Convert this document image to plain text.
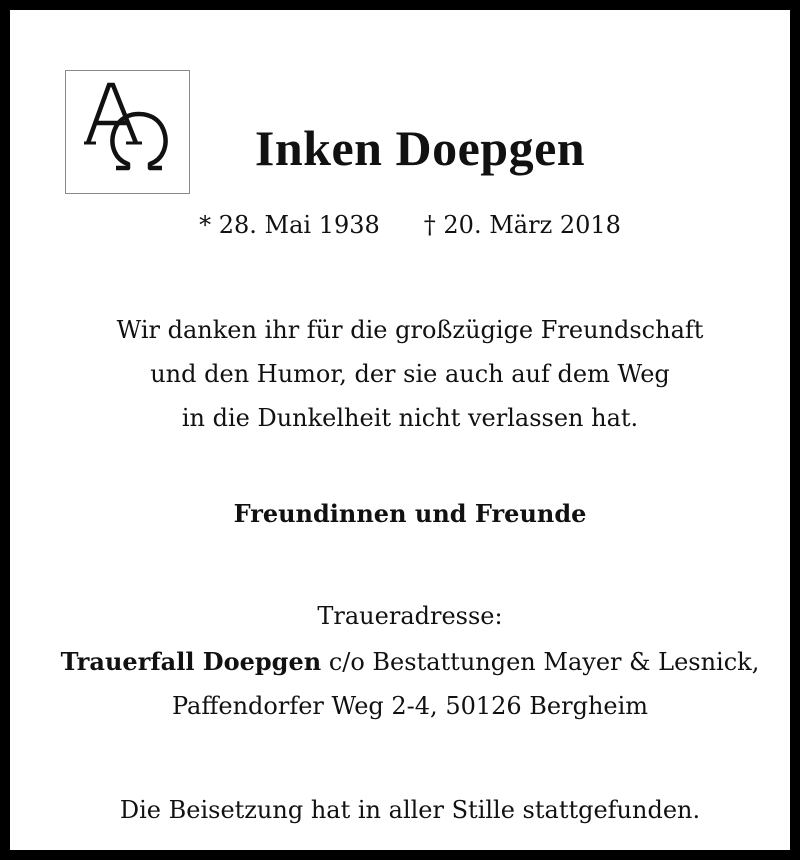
Inken Doepgen
* 28. Mai 1938 † 20. März 2018
Wir danken ihr für die großzügige Freundschaft
und den Humor, der sie auch auf dem Weg
in die Dunkelheit nicht verlassen hat.
Freundinnen und Freunde
Traueradresse:
Trauerfall Doepgen c/o Bestattungen Mayer & Lesnick,
Paffendorfer Weg 2-4, 50126 Bergheim
Die Beisetzung hat in aller Stille stattgefunden.
